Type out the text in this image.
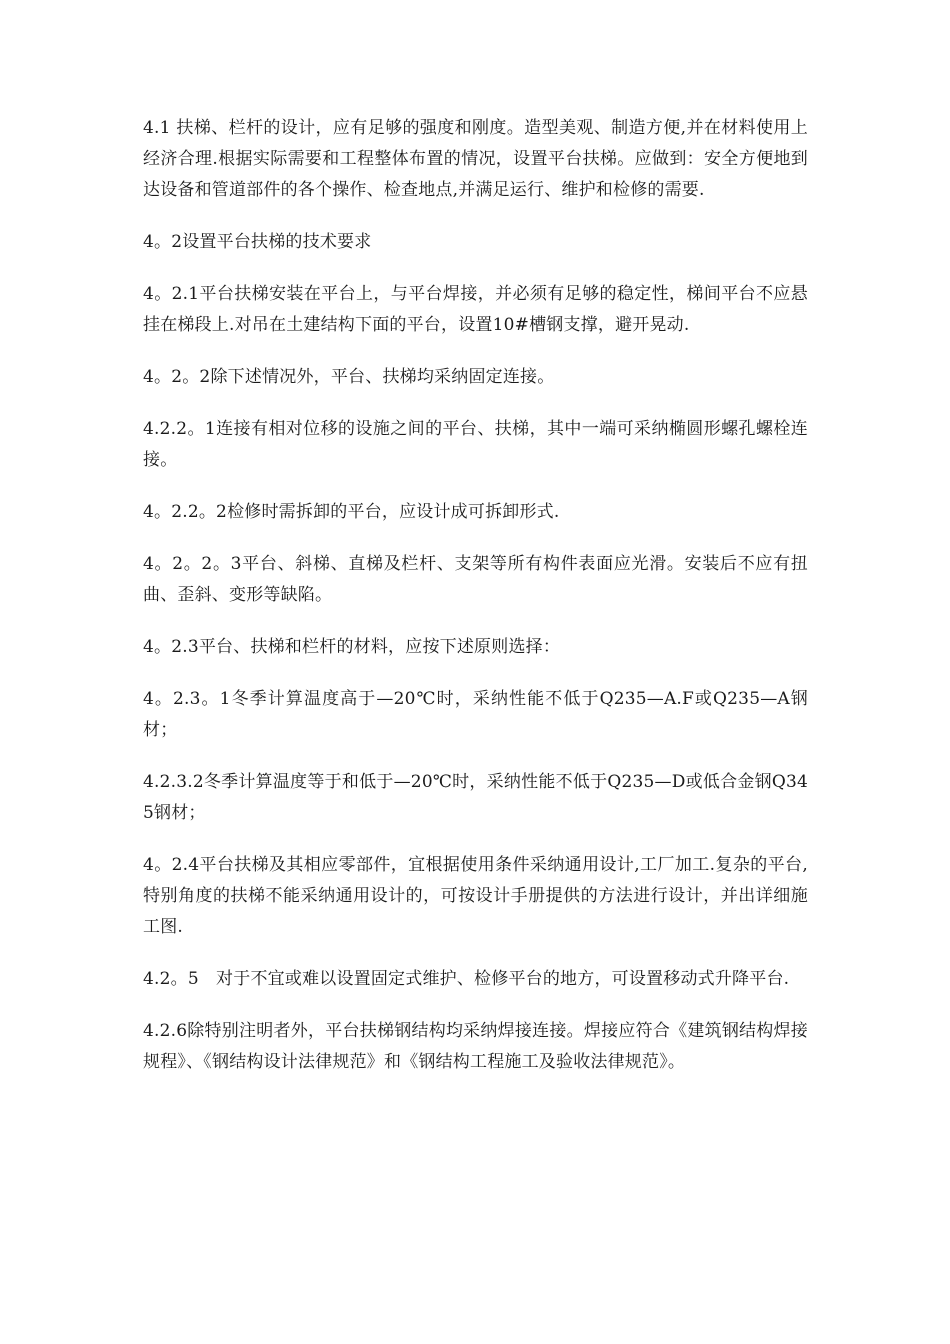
4.1 扶梯、栏杆的设计，应有足够的强度和刚度。造型美观、制造方便,并在材料使用上经济合理.根据实际需要和工程整体布置的情况，设置平台扶梯。应做到：安全方便地到达设备和管道部件的各个操作、检查地点,并满足运行、维护和检修的需要.

4。2设置平台扶梯的技术要求

4。2.1平台扶梯安装在平台上，与平台焊接，并必须有足够的稳定性，梯间平台不应悬挂在梯段上.对吊在土建结构下面的平台，设置10#槽钢支撑，避开晃动.

4。2。2除下述情况外，平台、扶梯均采纳固定连接。

4.2.2。1连接有相对位移的设施之间的平台、扶梯，其中一端可采纳椭圆形螺孔螺栓连接。

4。2.2。2检修时需拆卸的平台，应设计成可拆卸形式.

4。2。2。3平台、斜梯、直梯及栏杆、支架等所有构件表面应光滑。安装后不应有扭曲、歪斜、变形等缺陷。

4。2.3平台、扶梯和栏杆的材料，应按下述原则选择：

4。2.3。1冬季计算温度高于—20℃时，采纳性能不低于Q235—A.F或Q235—A钢材；

4.2.3.2冬季计算温度等于和低于—20℃时，采纳性能不低于Q235—D或低合金钢Q345钢材；

4。2.4平台扶梯及其相应零部件，宜根据使用条件采纳通用设计,工厂加工.复杂的平台,特别角度的扶梯不能采纳通用设计的，可按设计手册提供的方法进行设计，并出详细施工图.

4.2。5　对于不宜或难以设置固定式维护、检修平台的地方，可设置移动式升降平台.

4.2.6除特别注明者外，平台扶梯钢结构均采纳焊接连接。焊接应符合《建筑钢结构焊接规程》、《钢结构设计法律规范》和《钢结构工程施工及验收法律规范》。
